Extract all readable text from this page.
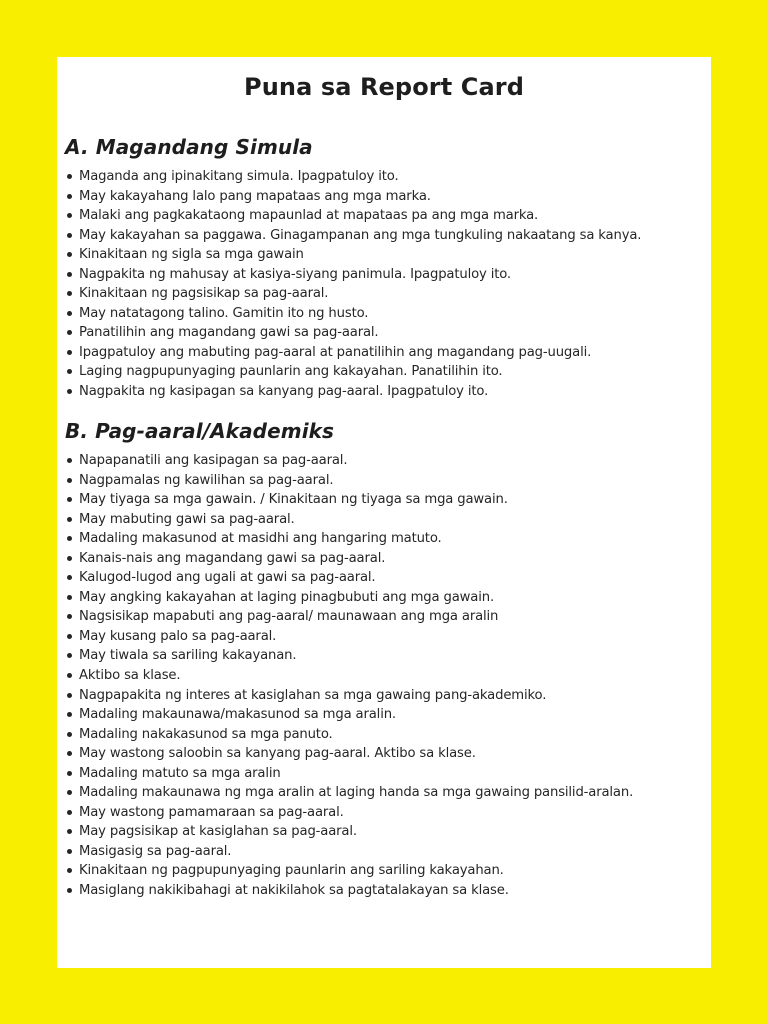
Puna sa Report Card
A. Magandang Simula
Maganda ang ipinakitang simula. Ipagpatuloy ito.
May kakayahang lalo pang mapataas ang mga marka.
Malaki ang pagkakataong mapaunlad at mapataas pa ang mga marka.
May kakayahan sa paggawa. Ginagampanan ang mga tungkuling nakaatang sa kanya.
Kinakitaan ng sigla sa mga gawain
Nagpakita ng mahusay at kasiya-siyang panimula. Ipagpatuloy ito.
Kinakitaan ng pagsisikap sa pag-aaral.
May natatagong talino. Gamitin ito ng husto.
Panatilihin ang magandang gawi sa pag-aaral.
Ipagpatuloy ang mabuting pag-aaral at panatilihin ang magandang pag-uugali.
Laging nagpupunyaging paunlarin ang kakayahan. Panatilihin ito.
Nagpakita ng kasipagan sa kanyang pag-aaral. Ipagpatuloy ito.
B. Pag-aaral/Akademiks
Napapanatili ang kasipagan sa pag-aaral.
Nagpamalas ng kawilihan sa pag-aaral.
May tiyaga sa mga gawain. / Kinakitaan ng tiyaga sa mga gawain.
May mabuting gawi sa pag-aaral.
Madaling makasunod at masidhi ang hangaring matuto.
Kanais-nais ang magandang gawi sa pag-aaral.
Kalugod-lugod ang ugali at gawi sa pag-aaral.
May angking kakayahan at laging pinagbubuti ang mga gawain.
Nagsisikap mapabuti ang pag-aaral/ maunawaan ang mga aralin
May kusang palo sa pag-aaral.
May tiwala sa sariling kakayanan.
Aktibo sa klase.
Nagpapakita ng interes at kasiglahan sa mga gawaing pang-akademiko.
Madaling makaunawa/makasunod sa mga aralin.
Madaling nakakasunod sa mga panuto.
May wastong saloobin sa kanyang pag-aaral. Aktibo sa klase.
Madaling matuto sa mga aralin
Madaling makaunawa ng mga aralin at laging handa sa mga gawaing pansilid-aralan.
May wastong pamamaraan sa pag-aaral.
May pagsisikap at kasiglahan sa pag-aaral.
Masigasig sa pag-aaral.
Kinakitaan ng pagpupunyaging paunlarin ang sariling kakayahan.
Masiglang nakikibahagi at nakikilahok sa pagtatalakayan sa klase.
